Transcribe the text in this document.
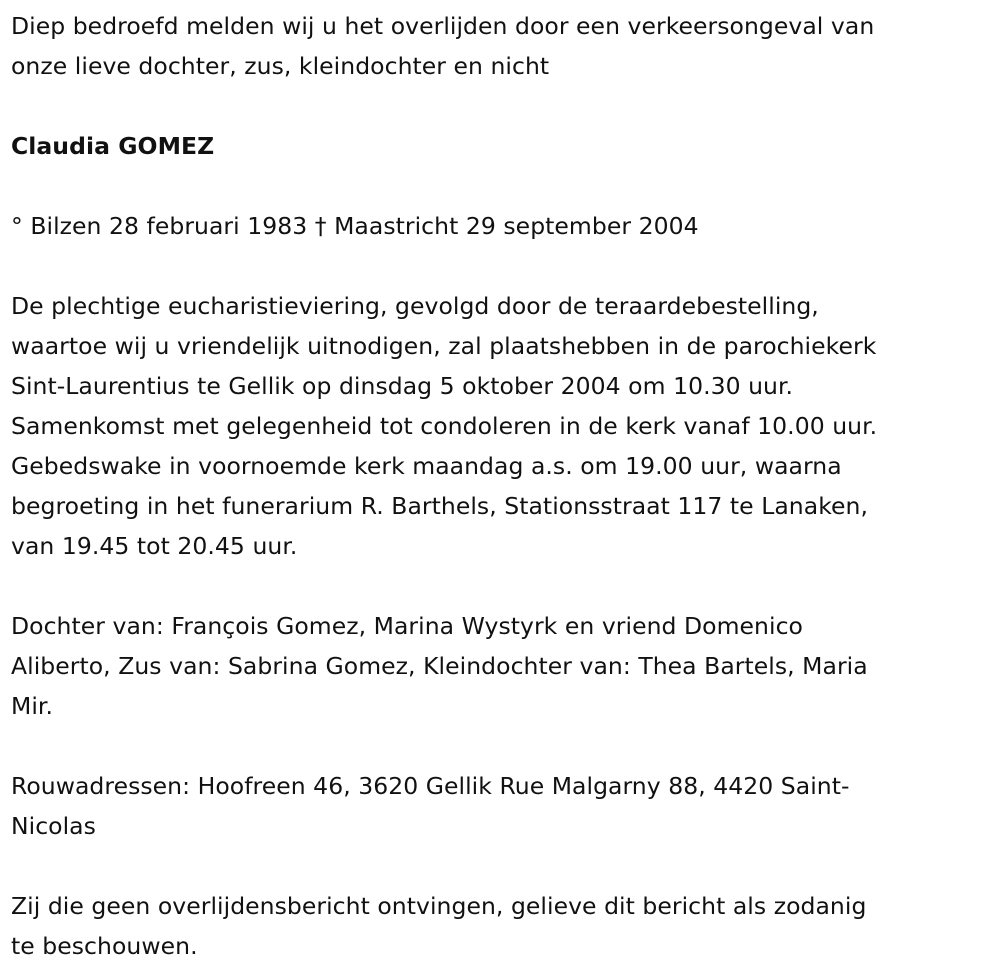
Diep bedroefd melden wij u het overlijden door een verkeersongeval van
onze lieve dochter, zus, kleindochter en nicht
Claudia GOMEZ
° Bilzen 28 februari 1983 † Maastricht 29 september 2004
De plechtige eucharistieviering, gevolgd door de teraardebestelling,
waartoe wij u vriendelijk uitnodigen, zal plaatshebben in de parochiekerk
Sint-Laurentius te Gellik op dinsdag 5 oktober 2004 om 10.30 uur.
Samenkomst met gelegenheid tot condoleren in de kerk vanaf 10.00 uur.
Gebedswake in voornoemde kerk maandag a.s. om 19.00 uur, waarna
begroeting in het funerarium R. Barthels, Stationsstraat 117 te Lanaken,
van 19.45 tot 20.45 uur.
Dochter van: François Gomez, Marina Wystyrk en vriend Domenico
Aliberto, Zus van: Sabrina Gomez, Kleindochter van: Thea Bartels, Maria
Mir.
Rouwadressen: Hoofreen 46, 3620 Gellik Rue Malgarny 88, 4420 Saint-
Nicolas
Zij die geen overlijdensbericht ontvingen, gelieve dit bericht als zodanig
te beschouwen.
